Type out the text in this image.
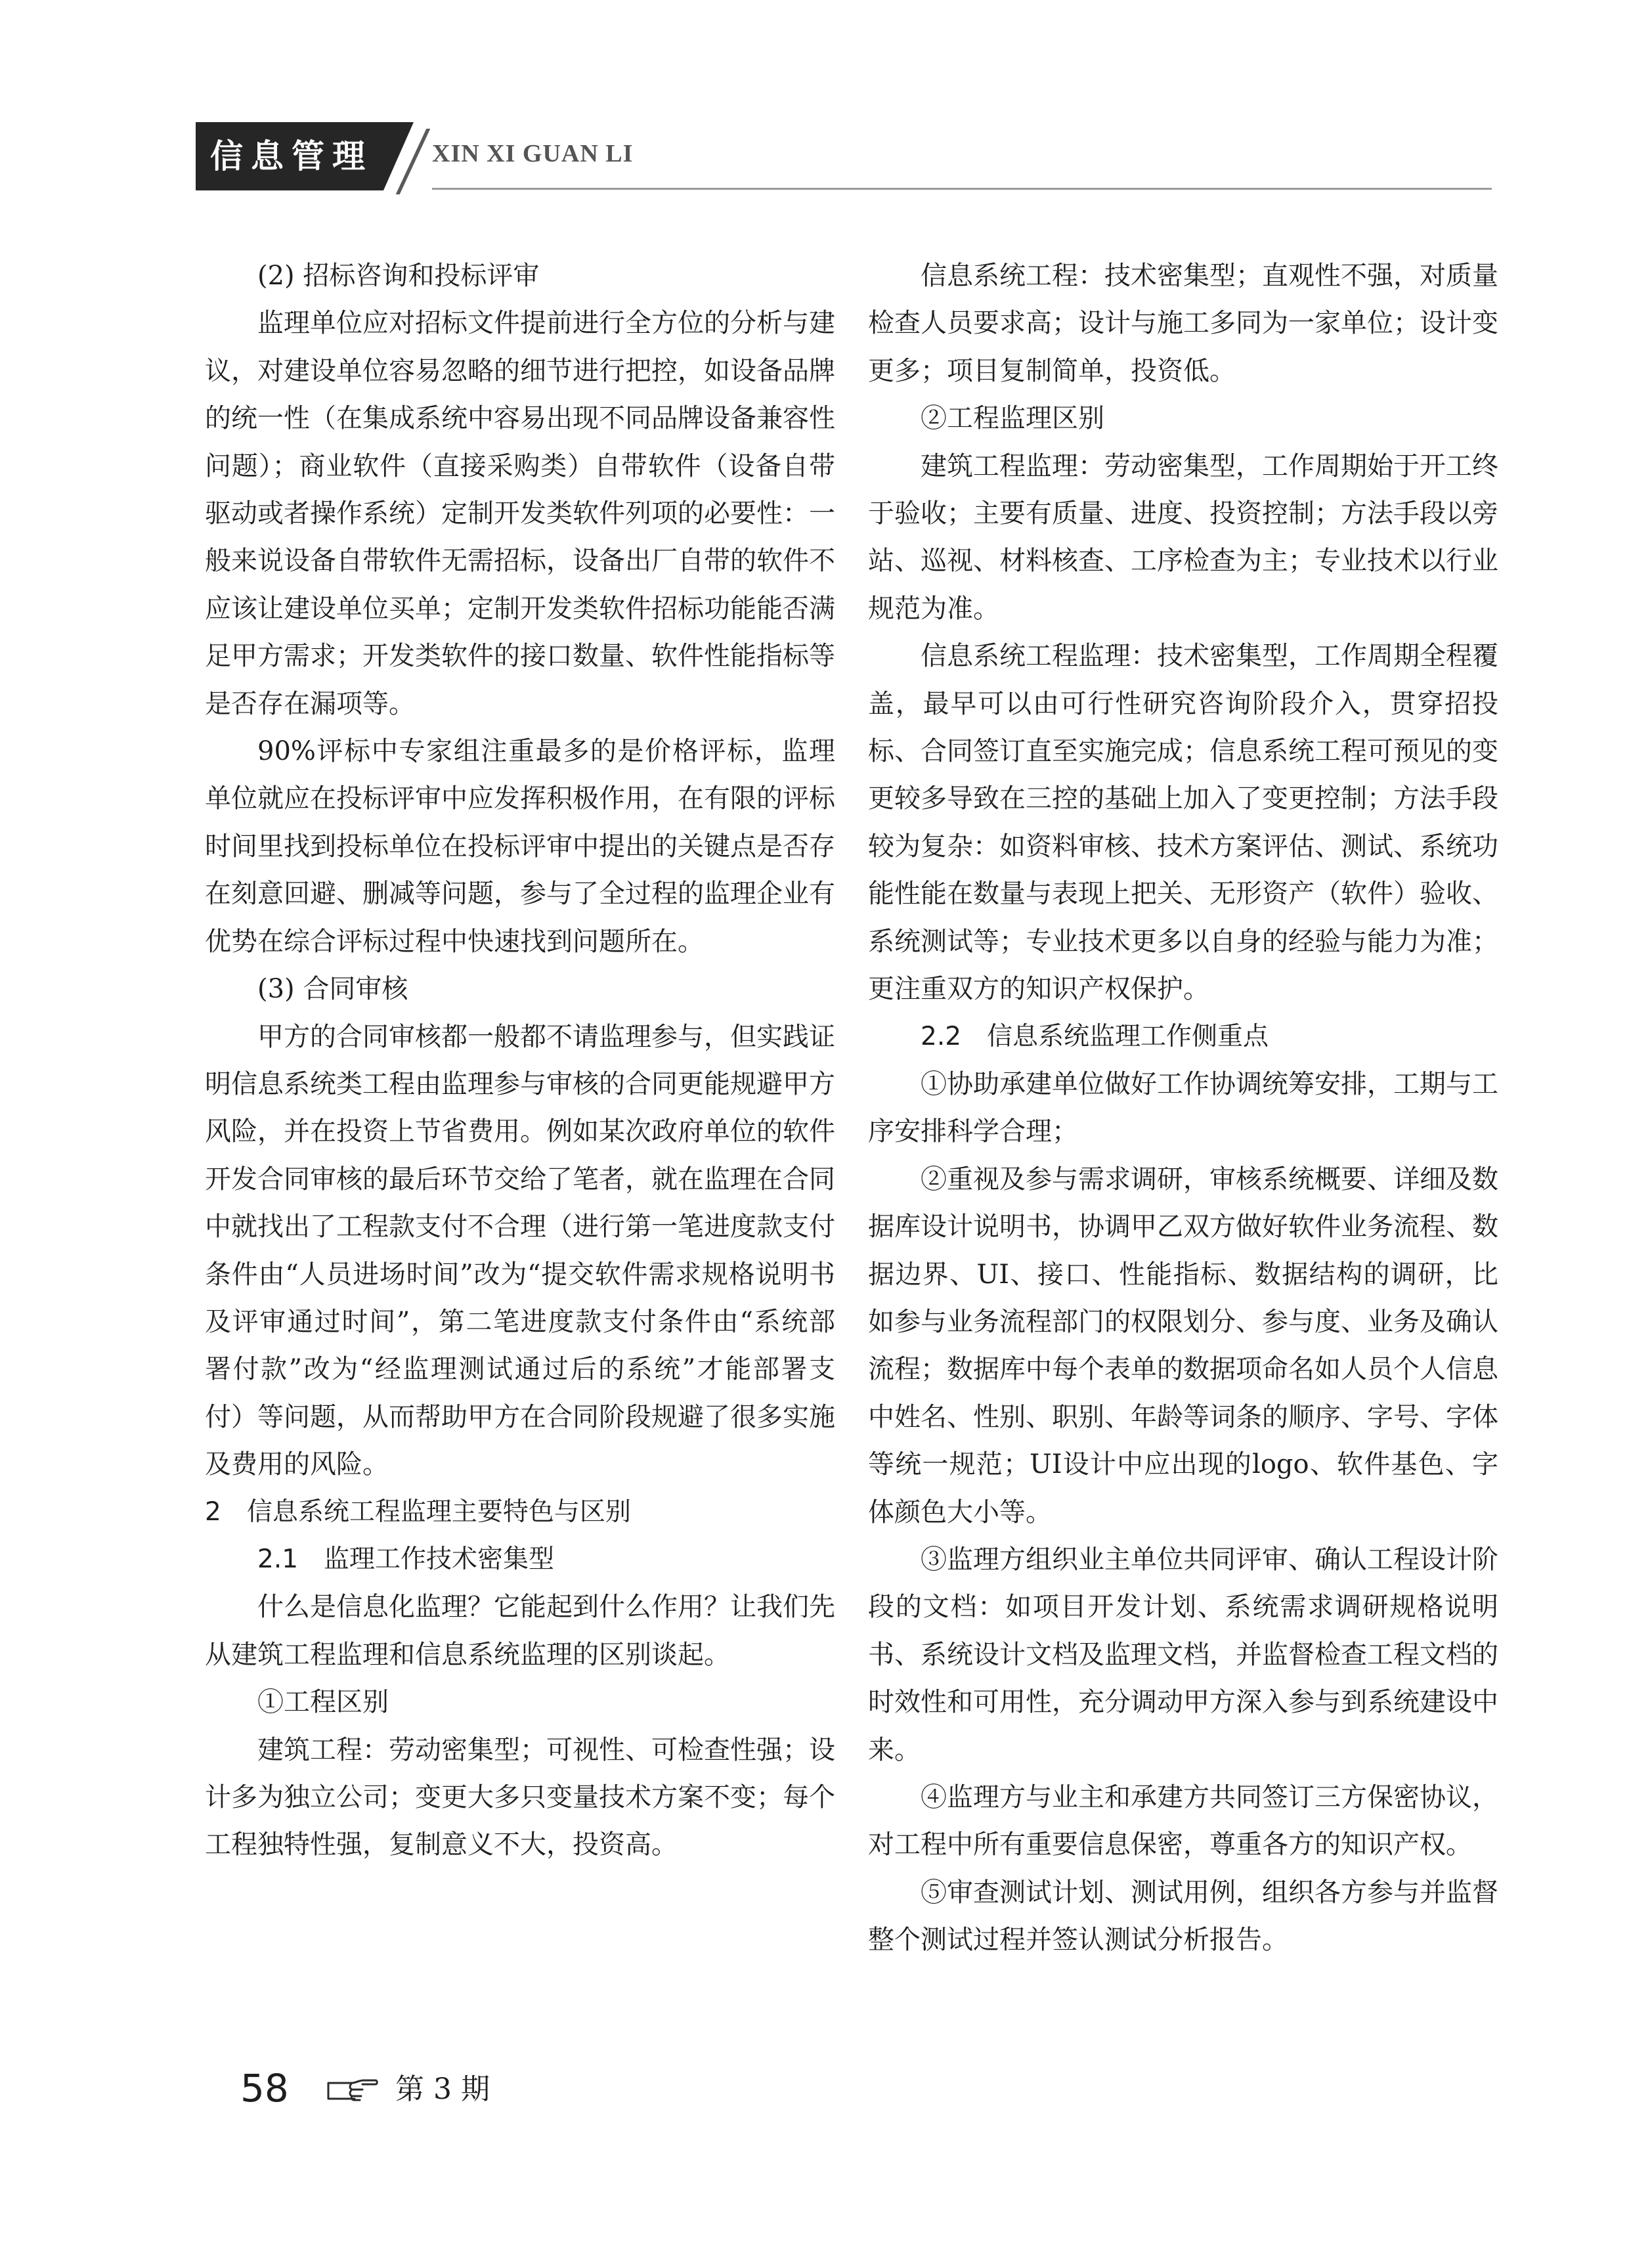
信息管理	XIN XI GUAN LI

(2) 招标咨询和投标评审

监理单位应对招标文件提前进行全方位的分析与建议，对建设单位容易忽略的细节进行把控，如设备品牌的统一性（在集成系统中容易出现不同品牌设备兼容性问题）；商业软件（直接采购类）自带软件（设备自带驱动或者操作系统）定制开发类软件列项的必要性：一般来说设备自带软件无需招标，设备出厂自带的软件不应该让建设单位买单；定制开发类软件招标功能能否满足甲方需求；开发类软件的接口数量、软件性能指标等是否存在漏项等。

90%评标中专家组注重最多的是价格评标，监理单位就应在投标评审中应发挥积极作用，在有限的评标时间里找到投标单位在投标评审中提出的关键点是否存在刻意回避、删减等问题，参与了全过程的监理企业有优势在综合评标过程中快速找到问题所在。

(3) 合同审核

甲方的合同审核都一般都不请监理参与，但实践证明信息系统类工程由监理参与审核的合同更能规避甲方风险，并在投资上节省费用。例如某次政府单位的软件开发合同审核的最后环节交给了笔者，就在监理在合同中就找出了工程款支付不合理（进行第一笔进度款支付条件由“人员进场时间”改为“提交软件需求规格说明书及评审通过时间”，第二笔进度款支付条件由“系统部署付款”改为“经监理测试通过后的系统”才能部署支付）等问题，从而帮助甲方在合同阶段规避了很多实施及费用的风险。

2　信息系统工程监理主要特色与区别

2.1　监理工作技术密集型

什么是信息化监理？它能起到什么作用？让我们先从建筑工程监理和信息系统监理的区别谈起。

①工程区别

建筑工程：劳动密集型；可视性、可检查性强；设计多为独立公司；变更大多只变量技术方案不变；每个工程独特性强，复制意义不大，投资高。

信息系统工程：技术密集型；直观性不强，对质量检查人员要求高；设计与施工多同为一家单位；设计变更多；项目复制简单，投资低。

②工程监理区别

建筑工程监理：劳动密集型，工作周期始于开工终于验收；主要有质量、进度、投资控制；方法手段以旁站、巡视、材料核查、工序检查为主；专业技术以行业规范为准。

信息系统工程监理：技术密集型，工作周期全程覆盖，最早可以由可行性研究咨询阶段介入，贯穿招投标、合同签订直至实施完成；信息系统工程可预见的变更较多导致在三控的基础上加入了变更控制；方法手段较为复杂：如资料审核、技术方案评估、测试、系统功能性能在数量与表现上把关、无形资产（软件）验收、系统测试等；专业技术更多以自身的经验与能力为准；更注重双方的知识产权保护。

2.2　信息系统监理工作侧重点

①协助承建单位做好工作协调统筹安排，工期与工序安排科学合理；

②重视及参与需求调研，审核系统概要、详细及数据库设计说明书，协调甲乙双方做好软件业务流程、数据边界、UI、接口、性能指标、数据结构的调研，比如参与业务流程部门的权限划分、参与度、业务及确认流程；数据库中每个表单的数据项命名如人员个人信息中姓名、性别、职别、年龄等词条的顺序、字号、字体等统一规范；UI设计中应出现的logo、软件基色、字体颜色大小等。

③监理方组织业主单位共同评审、确认工程设计阶段的文档：如项目开发计划、系统需求调研规格说明书、系统设计文档及监理文档，并监督检查工程文档的时效性和可用性，充分调动甲方深入参与到系统建设中来。

④监理方与业主和承建方共同签订三方保密协议，对工程中所有重要信息保密，尊重各方的知识产权。

⑤审查测试计划、测试用例，组织各方参与并监督整个测试过程并签认测试分析报告。

58	第 3 期
